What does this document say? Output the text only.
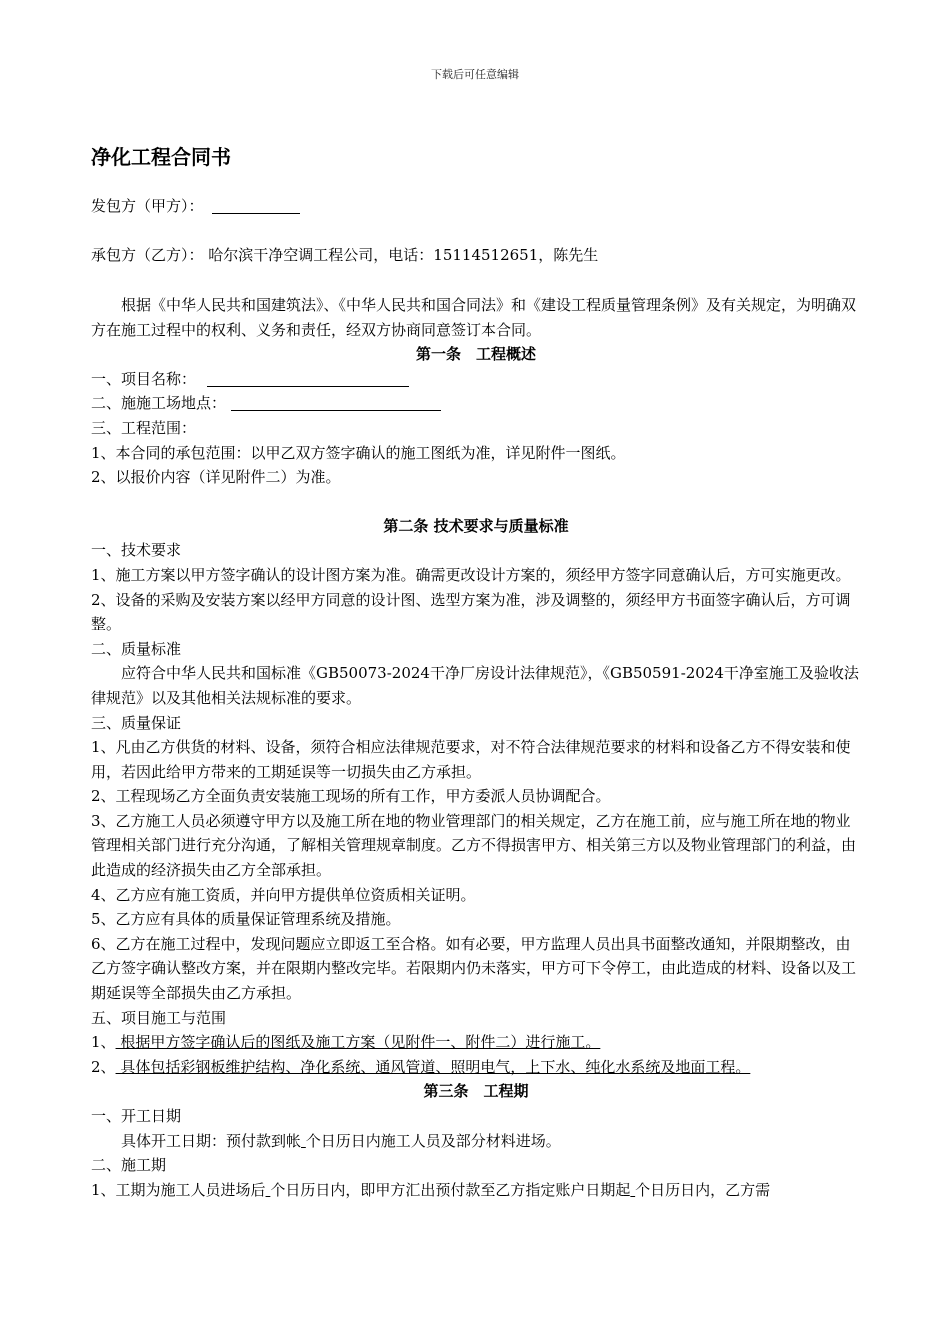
下载后可任意编辑
净化工程合同书
发包方（甲方）：
承包方（乙方）： 哈尔滨干净空调工程公司，电话：15114512651，陈先生

根据《中华人民共和国建筑法》、《中华人民共和国合同法》和《建设工程质量管理条例》及有关规定，为明确双方在施工过程中的权利、义务和责任，经双方协商同意签订本合同。

第一条　工程概述

一、项目名称：

二、施施工场地点：

三、工程范围：

1、本合同的承包范围：以甲乙双方签字确认的施工图纸为准，详见附件一图纸。

2、以报价内容（详见附件二）为准。

第二条 技术要求与质量标准

一、技术要求

1、施工方案以甲方签字确认的设计图方案为准。确需更改设计方案的，须经甲方签字同意确认后，方可实施更改。

2、设备的采购及安装方案以经甲方同意的设计图、选型方案为准，涉及调整的，须经甲方书面签字确认后，方可调整。

二、质量标准

应符合中华人民共和国标准《GB50073-2024干净厂房设计法律规范》，《GB50591-2024干净室施工及验收法律规范》以及其他相关法规标准的要求。

三、质量保证

1、凡由乙方供货的材料、设备，须符合相应法律规范要求，对不符合法律规范要求的材料和设备乙方不得安装和使用，若因此给甲方带来的工期延误等一切损失由乙方承担。

2、工程现场乙方全面负责安装施工现场的所有工作，甲方委派人员协调配合。

3、乙方施工人员必须遵守甲方以及施工所在地的物业管理部门的相关规定，乙方在施工前，应与施工所在地的物业管理相关部门进行充分沟通，了解相关管理规章制度。乙方不得损害甲方、相关第三方以及物业管理部门的利益，由此造成的经济损失由乙方全部承担。

4、乙方应有施工资质，并向甲方提供单位资质相关证明。

5、乙方应有具体的质量保证管理系统及措施。

6、乙方在施工过程中，发现问题应立即返工至合格。如有必要，甲方监理人员出具书面整改通知，并限期整改，由乙方签字确认整改方案，并在限期内整改完毕。若限期内仍未落实，甲方可下令停工，由此造成的材料、设备以及工期延误等全部损失由乙方承担。

五、项目施工与范围

1、 根据甲方签字确认后的图纸及施工方案（见附件一、附件二）进行施工。

2、 具体包括彩钢板维护结构、净化系统、通风管道、照明电气，上下水、纯化水系统及地面工程。

第三条　工程期

一、开工日期

具体开工日期：预付款到帐 个日历日内施工人员及部分材料进场。

二、施工期

1、工期为施工人员进场后 个日历日内，即甲方汇出预付款至乙方指定账户日期起 个日历日内，乙方需
